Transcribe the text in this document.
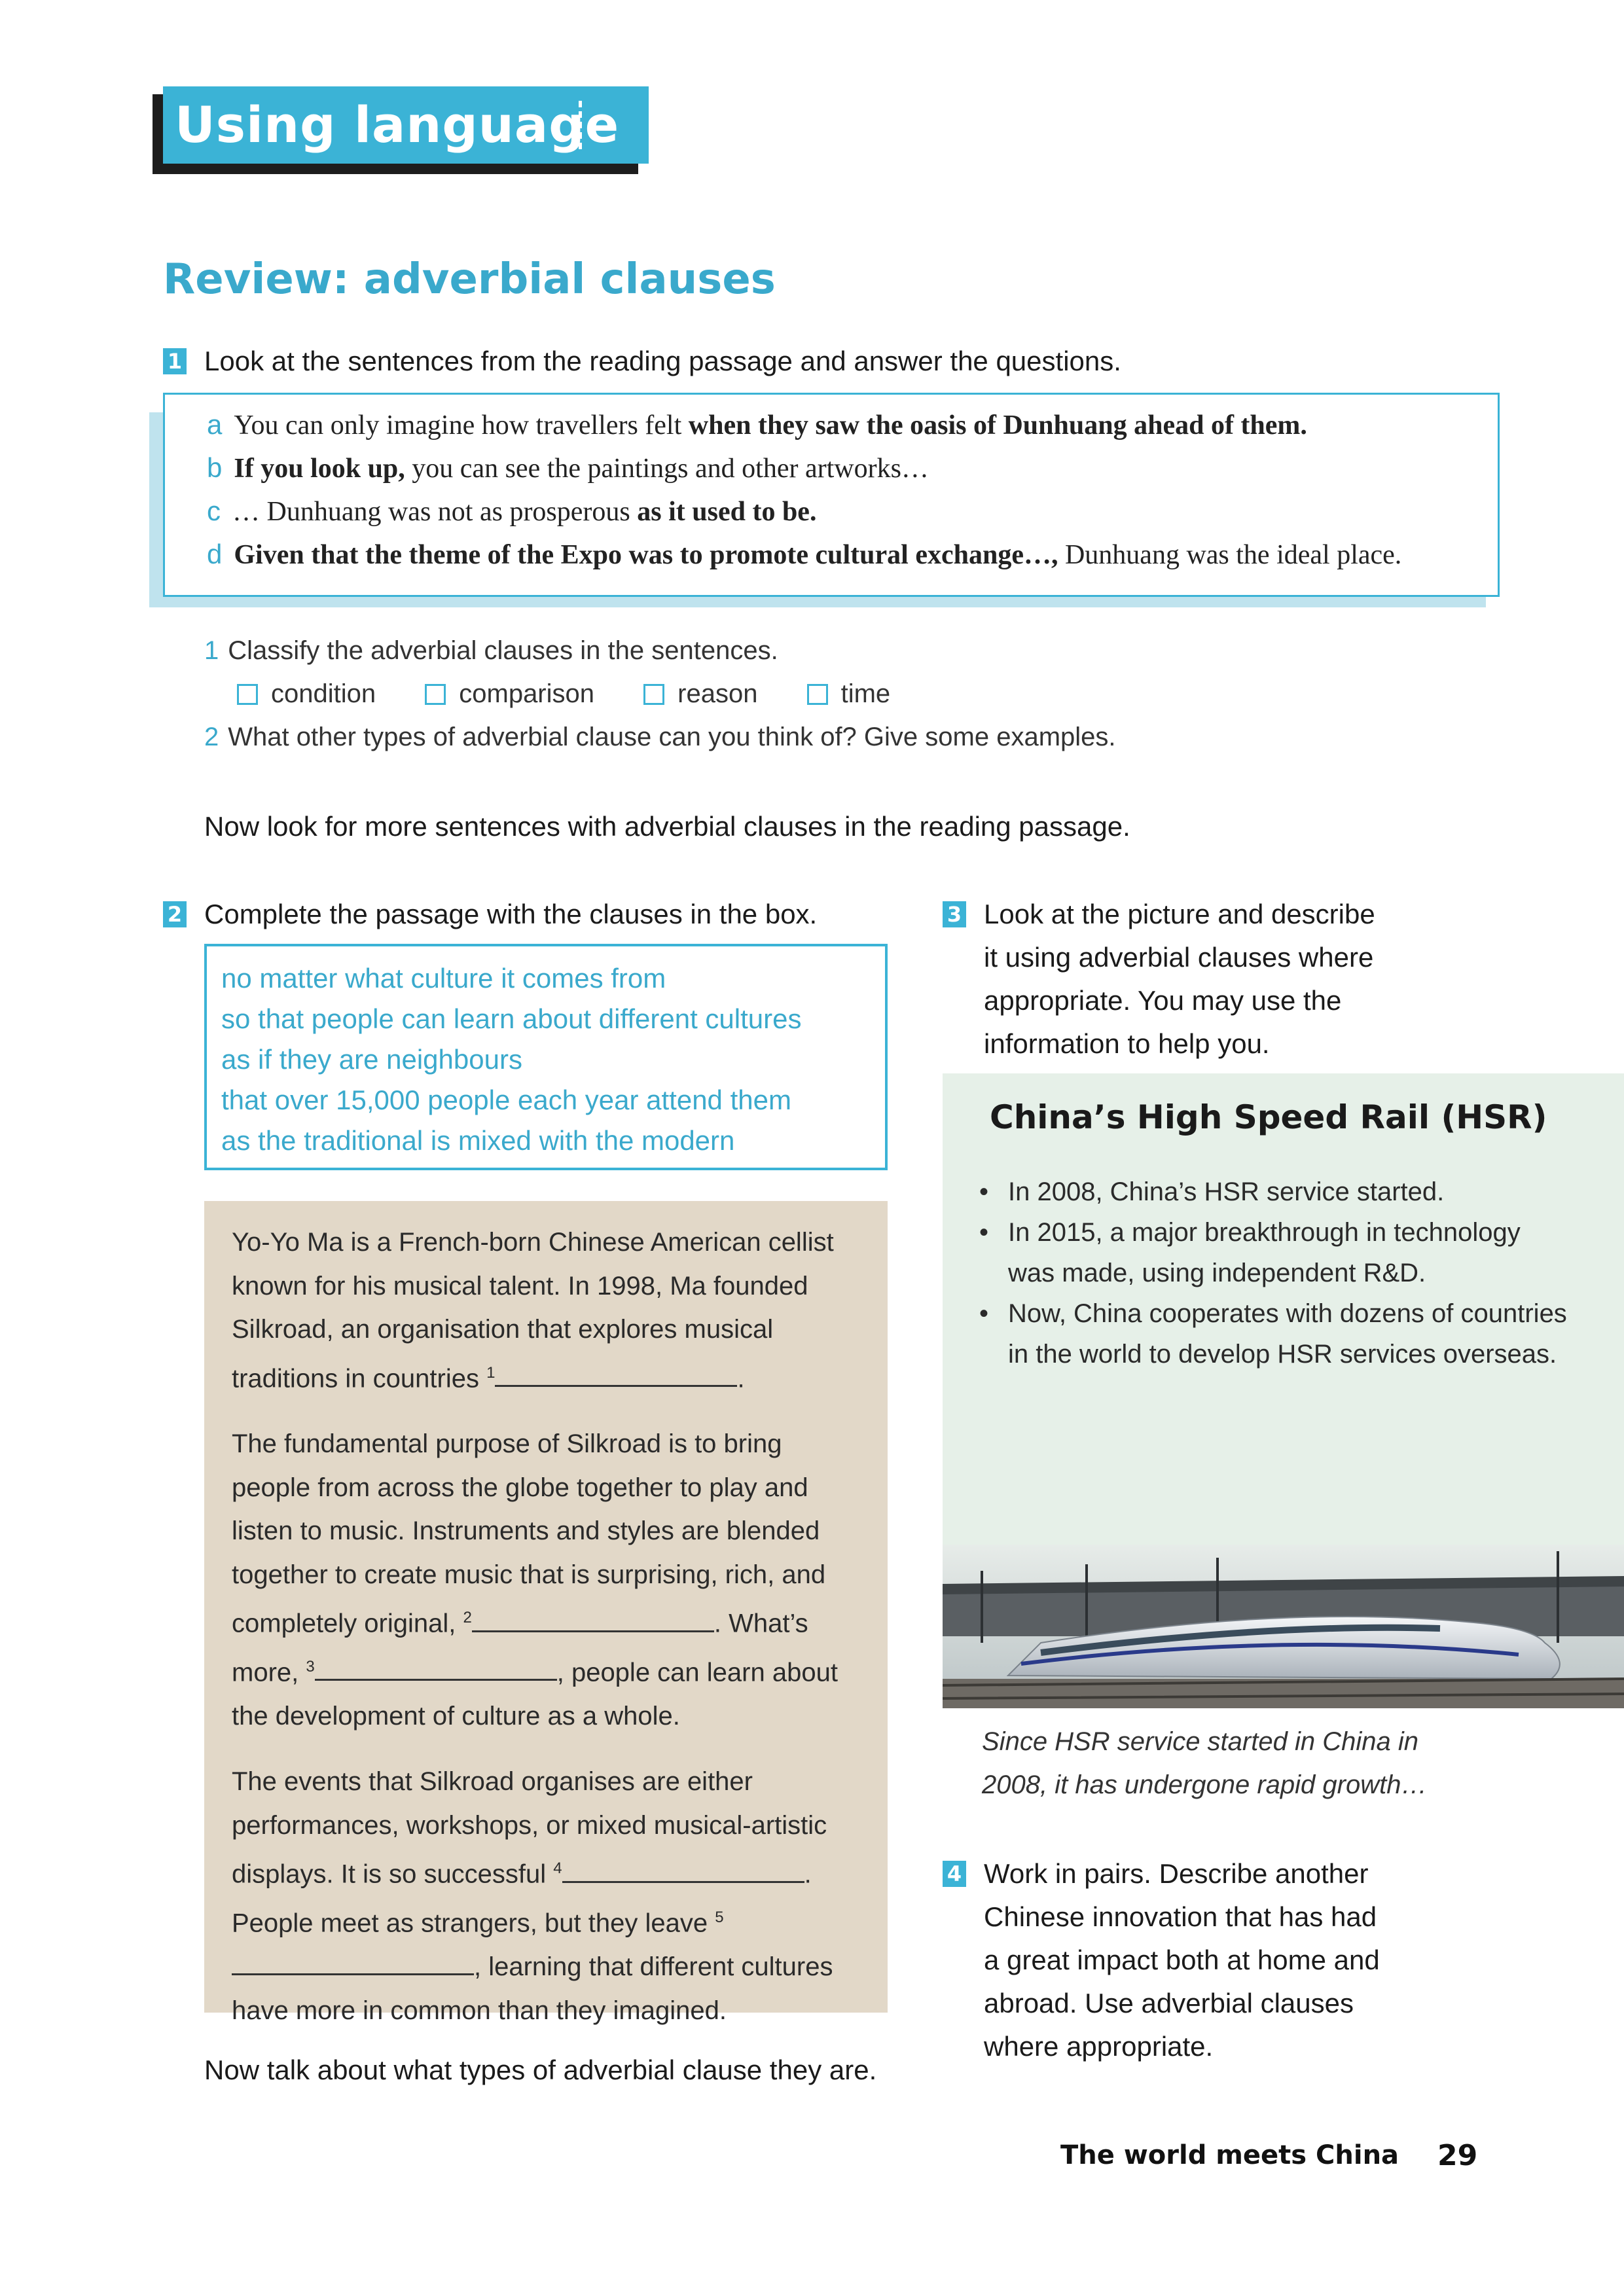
Using language
Review: adverbial clauses
1 Look at the sentences from the reading passage and answer the questions.
a You can only imagine how travellers felt when they saw the oasis of Dunhuang ahead of them.
b If you look up, you can see the paintings and other artworks…
c … Dunhuang was not as prosperous as it used to be.
d Given that the theme of the Expo was to promote cultural exchange…, Dunhuang was the ideal place.
1 Classify the adverbial clauses in the sentences.
condition	comparison	reason	time
2 What other types of adverbial clause can you think of? Give some examples.
Now look for more sentences with adverbial clauses in the reading passage.
2 Complete the passage with the clauses in the box.
no matter what culture it comes from
so that people can learn about different cultures
as if they are neighbours
that over 15,000 people each year attend them
as the traditional is mixed with the modern

Yo-Yo Ma is a French-born Chinese American cellist known for his musical talent. In 1998, Ma founded Silkroad, an organisation that explores musical traditions in countries $^1$	.

The fundamental purpose of Silkroad is to bring people from across the globe together to play and listen to music. Instruments and styles are blended together to create music that is surprising, rich, and completely original, $^2$	. What’s more, $^3$	, people can learn about the development of culture as a whole.

The events that Silkroad organises are either performances, workshops, or mixed musical-artistic displays. It is so successful $^4$	. People meet as strangers, but they leave $^5$, learning that different cultures have more in common than they imagined.

Now talk about what types of adverbial clause they are.
3 Look at the picture and describe
it using adverbial clauses where
appropriate. You may use the
information to help you.
China’s High Speed Rail (HSR)
• In 2008, China’s HSR service started.
• In 2015, a major breakthrough in technology was made, using independent R&D.
• Now, China cooperates with dozens of countries in the world to develop HSR services overseas.
Since HSR service started in China in
2008, it has undergone rapid growth…
4 Work in pairs. Describe another
Chinese innovation that has had
a great impact both at home and
abroad. Use adverbial clauses
where appropriate.
The world meets China 29
